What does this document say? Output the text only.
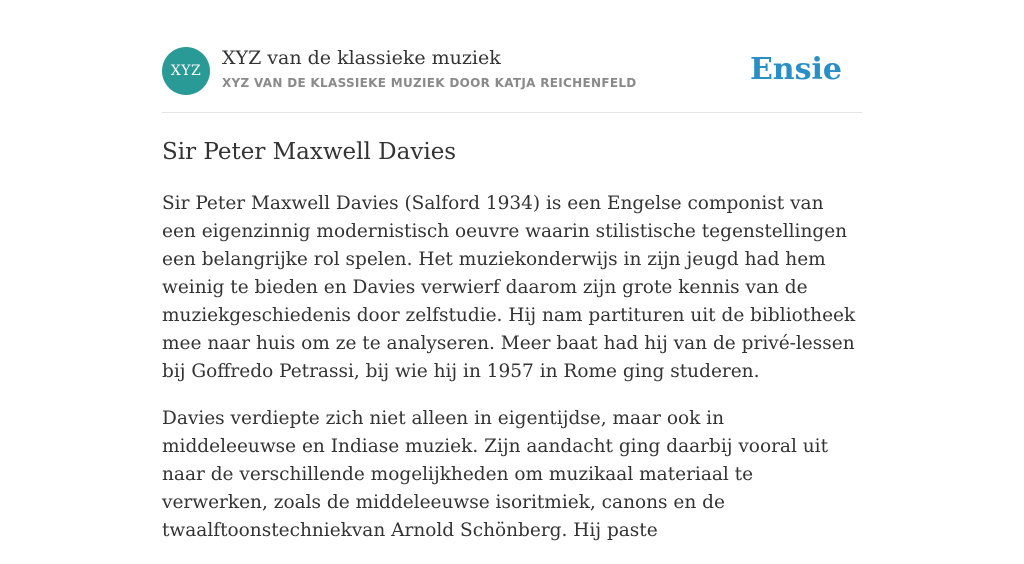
XYZ
XYZ van de klassieke muziek
XYZ VAN DE KLASSIEKE MUZIEK DOOR KATJA REICHENFELD	Ensie
Sir Peter Maxwell Davies

Sir Peter Maxwell Davies (Salford 1934) is een Engelse componist van een eigenzinnig modernistisch oeuvre waarin stilistische tegenstellingen een belangrijke rol spelen. Het muziekonderwijs in zijn jeugd had hem weinig te bieden en Davies verwierf daarom zijn grote kennis van de muziekgeschiedenis door zelfstudie. Hij nam partituren uit de bibliotheek mee naar huis om ze te analyseren. Meer baat had hij van de privé-lessen bij Goffredo Petrassi, bij wie hij in 1957 in Rome ging studeren.

Davies verdiepte zich niet alleen in eigentijdse, maar ook in middeleeuwse en Indiase muziek. Zijn aandacht ging daarbij vooral uit naar de verschillende mogelijkheden om muzikaal materiaal te verwerken, zoals de middeleeuwse isoritmiek, canons en de twaalftoonstechniekvan Arnold Schönberg. Hij paste
